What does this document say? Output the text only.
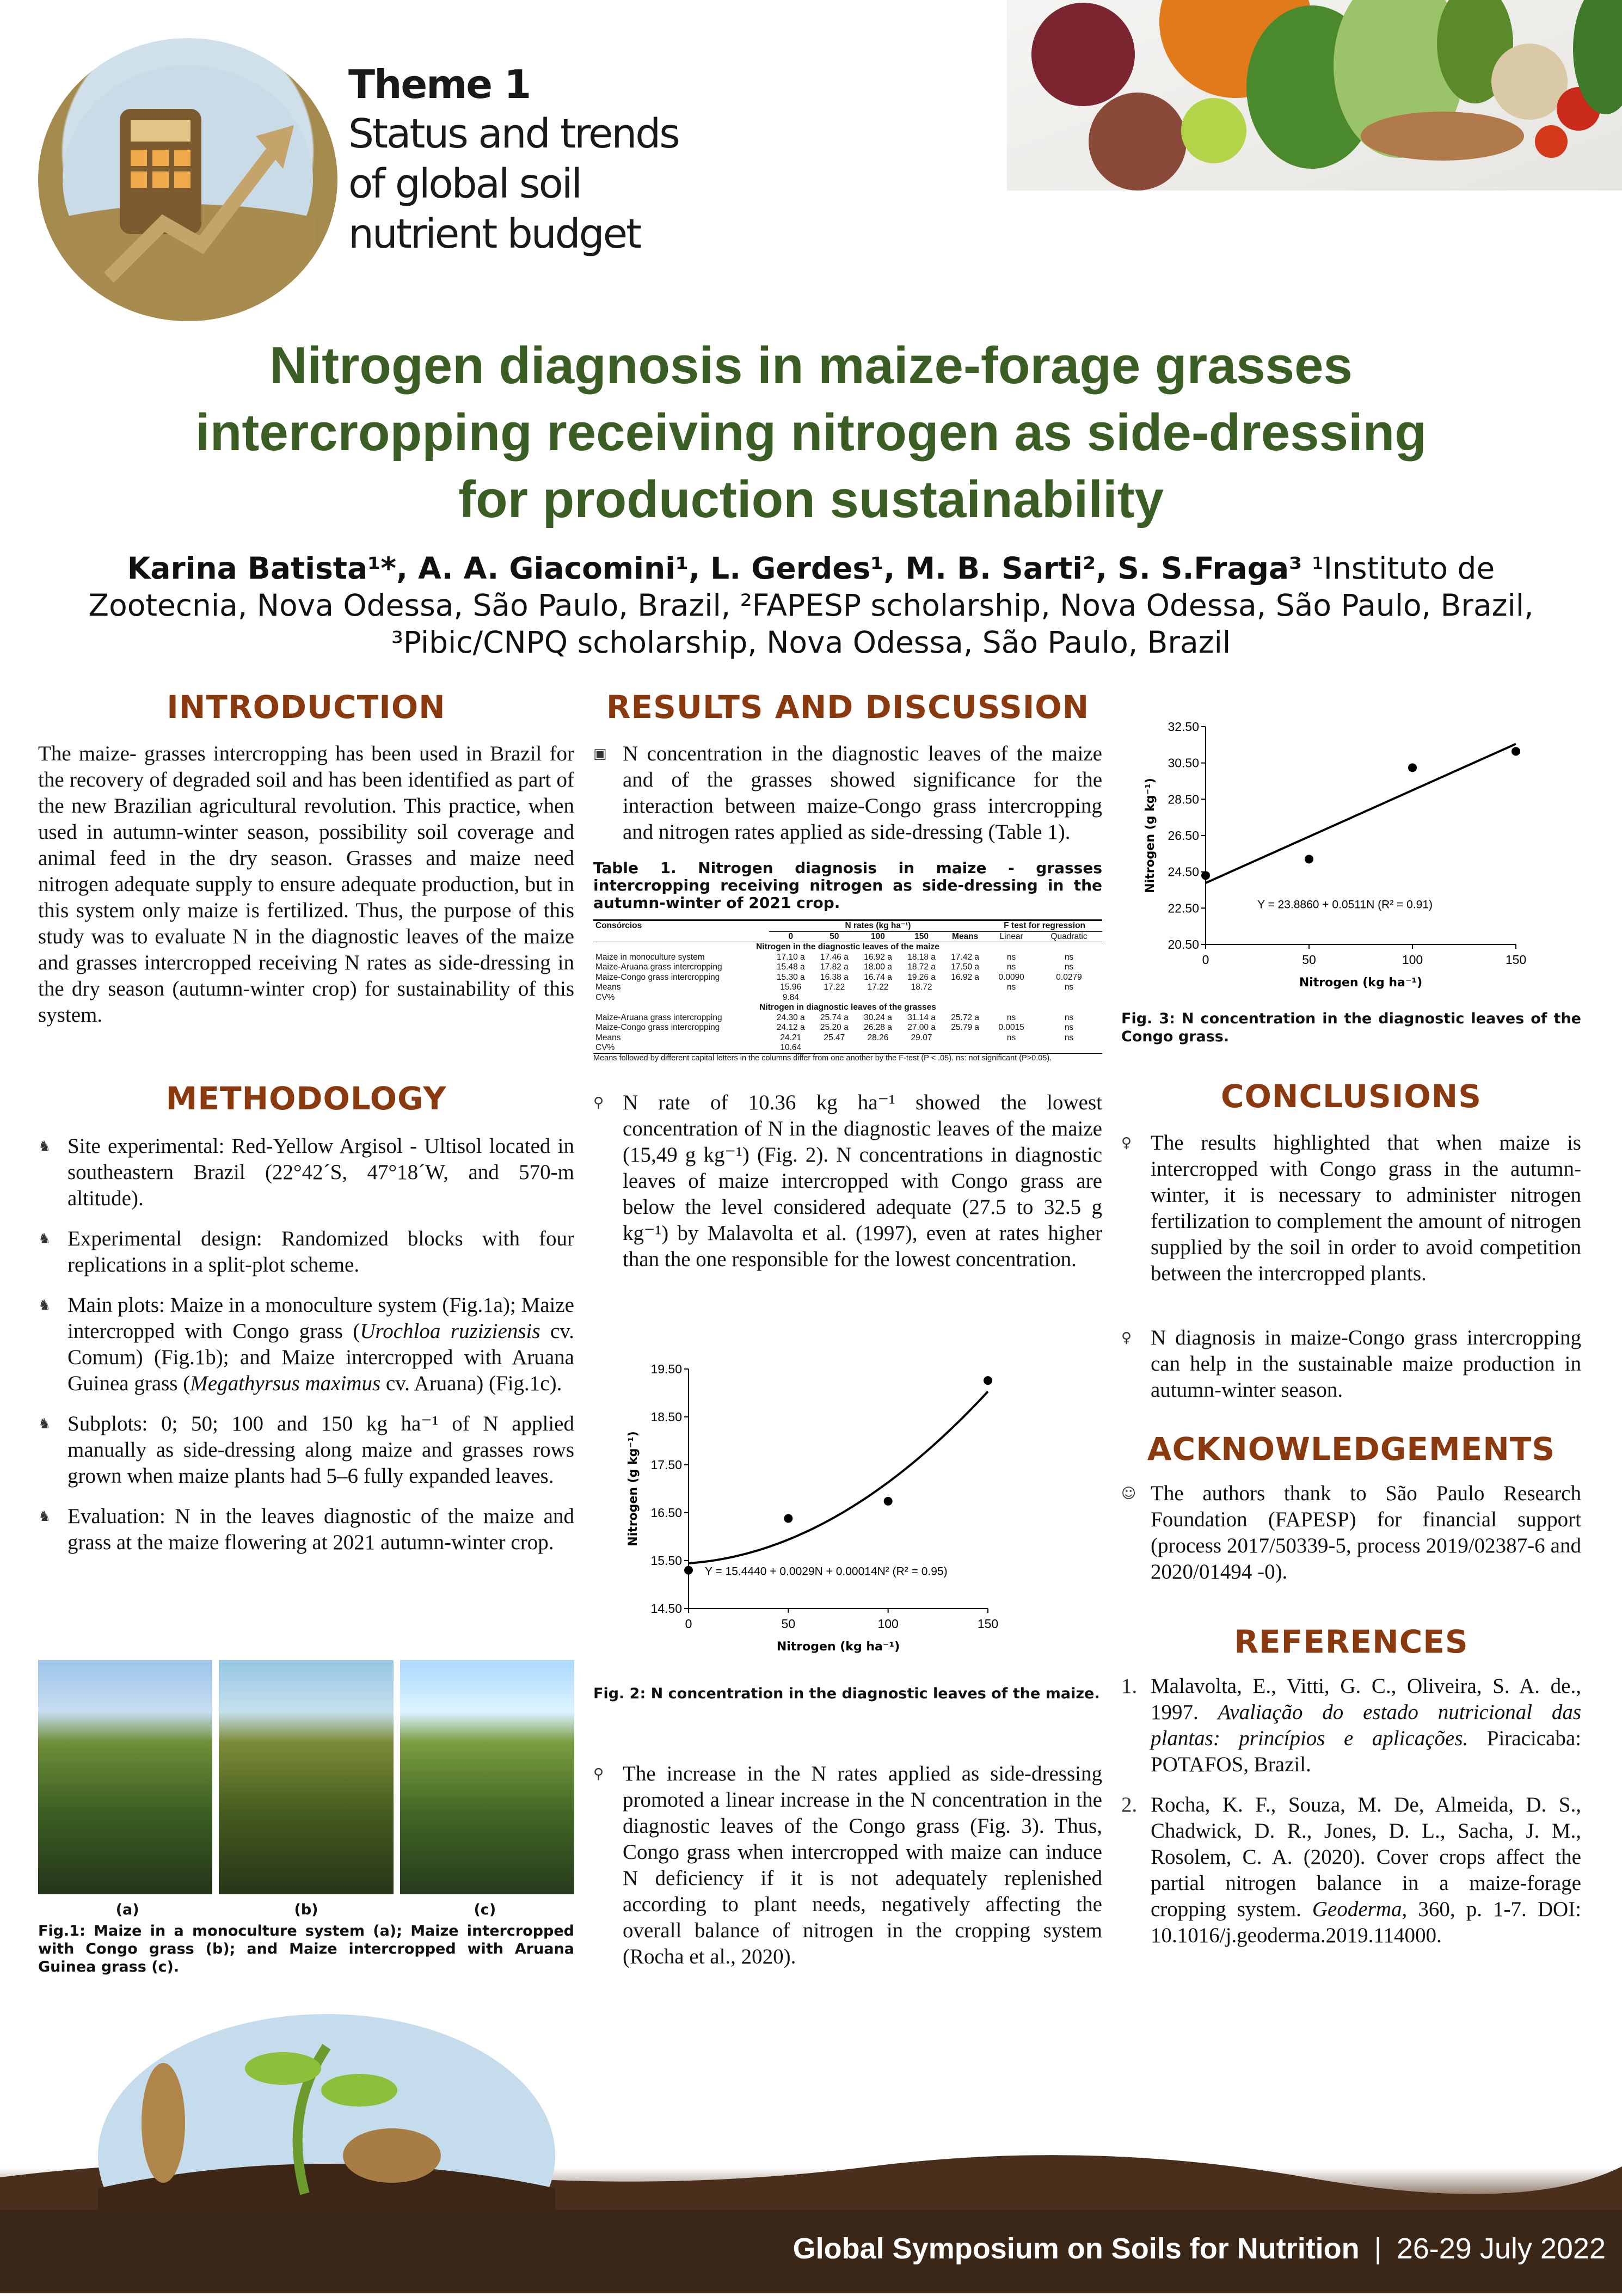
Theme 1
Status and trends
of global soil
nutrient budget
Nitrogen diagnosis in maize-forage grasses
intercropping receiving nitrogen as side-dressing
for production sustainability
Karina Batista¹*, A. A. Giacomini¹, L. Gerdes¹, M. B. Sarti², S. S.Fraga³ ¹Instituto de Zootecnia, Nova Odessa, São Paulo, Brazil, ²FAPESP scholarship, Nova Odessa, São Paulo, Brazil, ³Pibic/CNPQ scholarship, Nova Odessa, São Paulo, Brazil
INTRODUCTION
The maize- grasses intercropping has been used in Brazil for the recovery of degraded soil and has been identified as part of the new Brazilian agricultural revolution. This practice, when used in autumn-winter season, possibility soil coverage and animal feed in the dry season. Grasses and maize need nitrogen adequate supply to ensure adequate production, but in this system only maize is fertilized. Thus, the purpose of this study was to evaluate N in the diagnostic leaves of the maize and grasses intercropped receiving N rates as side-dressing in the dry season (autumn-winter crop) for sustainability of this system.
METHODOLOGY
♞ Site experimental: Red-Yellow Argisol - Ultisol located in southeastern Brazil (22°42´S, 47°18´W, and 570-m altitude).
♞ Experimental design: Randomized blocks with four replications in a split-plot scheme.
♞ Main plots: Maize in a monoculture system (Fig.1a); Maize intercropped with Congo grass (Urochloa ruziziensis cv. Comum) (Fig.1b); and Maize intercropped with Aruana Guinea grass (Megathyrsus maximus cv. Aruana) (Fig.1c).
♞ Subplots: 0; 50; 100 and 150 kg ha⁻¹ of N applied manually as side-dressing along maize and grasses rows grown when maize plants had 5–6 fully expanded leaves.
♞ Evaluation: N in the leaves diagnostic of the maize and grass at the maize flowering at 2021 autumn-winter crop.
(a)	(b)	(c)
Fig.1: Maize in a monoculture system (a); Maize intercropped with Congo grass (b); and Maize intercropped with Aruana Guinea grass (c).
RESULTS AND DISCUSSION
▣ N concentration in the diagnostic leaves of the maize and of the grasses showed significance for the interaction between maize-Congo grass intercropping and nitrogen rates applied as side-dressing (Table 1).
Table 1. Nitrogen diagnosis in maize - grasses intercropping receiving nitrogen as side-dressing in the autumn-winter of 2021 crop.
Consórcios	N rates (kg ha⁻¹)					F test for regression	
	0	50	100	150	Means	Linear	Quadratic
Nitrogen in the diagnostic leaves of the maize							
Maize in monoculture system	17.10 a	17.46 a	16.92 a	18.18 a	17.42 a	ns	ns
Maize-Aruana grass intercropping	15.48 a	17.82 a	18.00 a	18.72 a	17.50 a	ns	ns
Maize-Congo grass intercropping	15.30 a	16.38 a	16.74 a	19.26 a	16.92 a	0.0090	0.0279
Means	15.96	17.22	17.22	18.72		ns	ns
CV%	9.84						
Nitrogen in diagnostic leaves of the grasses							
Maize-Aruana grass intercropping	24.30 a	25.74 a	30.24 a	31.14 a	25.72 a	ns	ns
Maize-Congo grass intercropping	24.12 a	25.20 a	26.28 a	27.00 a	25.79 a	0.0015	ns
Means	24.21	25.47	28.26	29.07		ns	ns
CV%	10.64						
Means followed by different capital letters in the columns differ from one another by the F-test (P < .05). ns: not significant (P>0.05).
⚲ N rate of 10.36 kg ha⁻¹ showed the lowest concentration of N in the diagnostic leaves of the maize (15,49 g kg⁻¹) (Fig. 2). N concentrations in diagnostic leaves of maize intercropped with Congo grass are below the level considered adequate (27.5 to 32.5 g kg⁻¹) by Malavolta et al. (1997), even at rates higher than the one responsible for the lowest concentration.
14.50
15.50
16.50
17.50
18.50
19.50
0	50	100	150
Nitrogen (kg ha⁻¹)
Nitrogen (g kg⁻¹)
Y = 15.4440 + 0.0029N + 0.00014N² (R² = 0.95)
Fig. 2: N concentration in the diagnostic leaves of the maize.
⚲ The increase in the N rates applied as side-dressing promoted a linear increase in the N concentration in the diagnostic leaves of the Congo grass (Fig. 3). Thus, Congo grass when intercropped with maize can induce N deficiency if it is not adequately replenished according to plant needs, negatively affecting the overall balance of nitrogen in the cropping system (Rocha et al., 2020).
20.50
22.50
24.50
26.50
28.50
30.50
32.50
0	50	100	150
Nitrogen (kg ha⁻¹)
Nitrogen (g kg⁻¹)
Y = 23.8860 + 0.0511N (R² = 0.91)
Fig. 3: N concentration in the diagnostic leaves of the Congo grass.
CONCLUSIONS
♀ The results highlighted that when maize is intercropped with Congo grass in the autumn-winter, it is necessary to administer nitrogen fertilization to complement the amount of nitrogen supplied by the soil in order to avoid competition between the intercropped plants.
♀ N diagnosis in maize-Congo grass intercropping can help in the sustainable maize production in autumn-winter season.
ACKNOWLEDGEMENTS
☺ The authors thank to São Paulo Research Foundation (FAPESP) for financial support (process 2017/50339-5, process 2019/02387-6 and 2020/01494 -0).
REFERENCES
1. Malavolta, E., Vitti, G. C., Oliveira, S. A. de., 1997. Avaliação do estado nutricional das plantas: princípios e aplicações. Piracicaba: POTAFOS, Brazil.
2. Rocha, K. F., Souza, M. De, Almeida, D. S., Chadwick, D. R., Jones, D. L., Sacha, J. M., Rosolem, C. A. (2020). Cover crops affect the partial nitrogen balance in a maize-forage cropping system. Geoderma, 360, p. 1-7. DOI: 10.1016/j.geoderma.2019.114000.
Global Symposium on Soils for Nutrition | 26-29 July 2022
